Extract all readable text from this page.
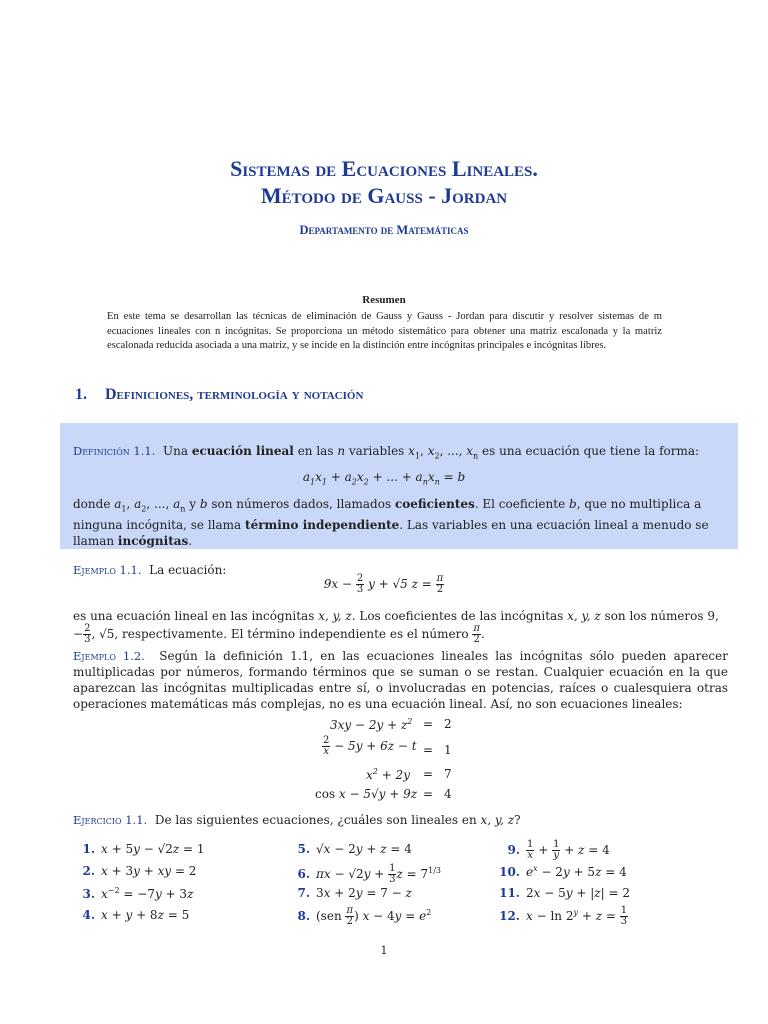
Sistemas de Ecuaciones Lineales.
Método de Gauss - Jordan
Departamento de Matemáticas
Resumen
En este tema se desarrollan las técnicas de eliminación de Gauss y Gauss - Jordan para discutir y resolver sistemas de m ecuaciones lineales con n incógnitas. Se proporciona un método sistemático para obtener una matriz escalonada y la matriz escalonada reducida asociada a una matriz, y se incide en la distinción entre incógnitas principales e incógnitas libres.
1. Definiciones, terminología y notación
Definición 1.1. Una ecuación lineal en las n variables $x_1$, $x_2$, ..., $x_n$ es una ecuación que tiene la forma:
$a_1x_1 + a_2x_2$ + ... + $a_nx_n = b$
donde $a_1$, $a_2$, ..., $a_n$ y b son números dados, llamados coeficientes. El coeficiente b, que no multiplica a ninguna incógnita, se llama término independiente. Las variables en una ecuación lineal a menudo se llaman incógnitas.
Ejemplo 1.1. La ecuación:
$9x - \frac{2}{3}$ y + √5 $z = \frac{\pi}{2}$
es una ecuación lineal en las incógnitas x, y, z. Los coeficientes de las incógnitas x, y, z son los números 9, − $\frac{2}{3}$ , √5, respectivamente. El término independiente es el número $\frac{\pi}{2}$ .
Ejemplo 1.2. Según la definición 1.1, en las ecuaciones lineales las incógnitas sólo pueden aparecer multiplicadas por números, formando términos que se suman o se restan. Cualquier ecuación en la que aparezcan las incógnitas multiplicadas entre sí, o involucradas en potencias, raíces o cualesquiera otras operaciones matemáticas más complejas, no es una ecuación lineal. Así, no son ecuaciones lineales:
$3xy - 2y + z^2 = 2$
$\frac{2}{x} - 5y + 6z - t = 1$
$x^2 + 2y = 7$
cos x − 5√y + 9z = 4
Ejercicio 1.1. De las siguientes ecuaciones, ¿cuáles son lineales en x, y, z?
1. x + 5y − √2z = 1
2. x + 3y + xy = 2
3. $x^{-2} = -7y + 3z$
4. x + y + 8z = 5
5. √x − 2y + z = 4
6. $\pi x - √2y + \frac{1}{3}$ $z = 7^{1/3}$
7. 3x + 2y = 7 − z
8. ($sen \frac{\pi}{2}$ ) $x - 4y = e^2$
9. $\frac{1}{x} + \frac{1}{y} + z = 4$
10. $e^x - 2y + 5z = 4$
11. 2x − 5y + |z| = 2
12. $x - \ln 2^y + z = \frac{1}{3}$
1
